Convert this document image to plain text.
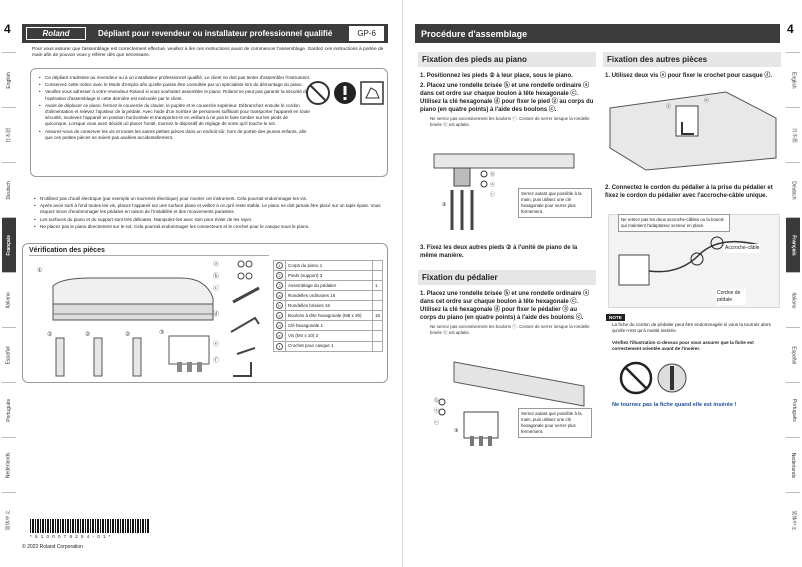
4
English
日本語
Deutsch
Français
Italiano
Español
Português
Nederlands
简体中文
Roland	Dépliant pour revendeur ou installateur professionnel qualifié	GP-6
Pour vous assurer que l'assemblage est correctement effectué, veuillez à lire ces instructions avant de commencer l'assemblage. Gardez ces instructions à portée de main afin de pouvoir vous y référer dès que nécessaire.
• Ce dépliant s'adresse au revendeur ou à un installateur professionnel qualifié. Le client ne doit pas tenter d'assembler l'instrument.
• Conservez cette notice avec le Mode d'emploi afin qu'elle puisse être consultée par un spécialiste lors du démontage du piano.
• Veuillez vous adresser à votre revendeur Roland si vous souhaitez assembler le piano. Roland ne peut pas garantir la sécurité de l'opération d'assemblage si cette dernière est exécutée par le client.
• Avant de déplacer ce piano, fermez le couvercle du clavier, le pupitre et le couvercle supérieur. Débranchez ensuite le cordon d'alimentation et relevez l'ajusteur de la pédale. Avec l'aide d'un nombre de personnes suffisant pour transporter l'appareil en toute sécurité, soulevez l'appareil en position horizontale et transportez-le en veillant à ne pas le faire tomber sur les pieds de quiconque. Lorsque vous avez décidé où placer l'unité, tournez le dispositif de réglage de sorte qu'il touche le sol.
• Assurez-vous de conserver les vis et toutes les autres petites pièces dans un endroit sûr, hors de portée des jeunes enfants, afin que ces petites pièces ne soient pas avalées accidentellement.
• N'utilisez pas d'outil électrique (par exemple un tournevis électrique) pour monter cet instrument. Cela pourrait endommager les vis.
• Après avoir sorti à fond toutes les vis, placez l'appareil sur une surface plane et veillez à ce qu'il reste stable. Le piano ne doit jamais être placé sur un tapis épais. Vous risquez sinon d'endommager les pédales en raison de l'instabilité et des mouvements parasites.
• Les surfaces du piano et du support sont très délicates. Manipulez-les avec soin pour éviter de les rayer.
• Ne placez pas le piano directement sur le sol. Cela pourrait endommager les connecteurs et le crochet pour le casque sous le piano.
Vérification des pièces
①
②	②	②	③
ⓐ
ⓑ
ⓒ
ⓓ
ⓔ
ⓕ
1	Corps du piano 1	
2	Pieds (support) 3	
3	Assemblage du pédalier	1
a	Rondelles ordinaires 16	
b	Rondelles brisées 16	
c	Boulons à tête hexagonale (M8 x 30)	16
d	Clé hexagonale 1	
e	Vis (M4 x 10) 2	
f	Crochet pour casque 1	
* 5 1 0 0 0 7 8 2 5 4 - 0 1 *
© 2023 Roland Corporation
Procédure d'assemblage	4
English
日本語
Deutsch
Français
Italiano
Español
Português
Nederlands
简体中文
Fixation des pieds au piano
1. Positionnez les pieds ② à leur place, sous le piano.
2. Placez une rondelle brisée ⓑ et une rondelle ordinaire ⓐ dans cet ordre sur chaque boulon à tête hexagonale ⓒ. Utilisez la clé hexagonale ⓓ pour fixer le pied ② au corps du piano (en quatre points) à l'aide des boulons ⓒ.
Ne serrez pas excessivement les boulons ⓒ. Cessez de serrer lorsque la rondelle brisée ⓑ est aplatie.
ⓑ
ⓐ
ⓒ
②
Serrez autant que possible à la main, puis utilisez une clé hexagonale pour serrer plus fermement.
3. Fixez les deux autres pieds ② à l'unité de piano de la même manière.
Fixation du pédalier
1. Placez une rondelle brisée ⓑ et une rondelle ordinaire ⓐ dans cet ordre sur chaque boulon à tête hexagonale ⓒ. Utilisez la clé hexagonale ⓓ pour fixer le pédalier ③ au corps du piano (en quatre points) à l'aide des boulons ⓒ.
Ne serrez pas excessivement les boulons ⓒ. Cessez de serrer lorsque la rondelle brisée ⓑ est aplatie.
ⓑ
ⓐ
ⓒ
③
Serrez autant que possible à la main, puis utilisez une clé hexagonale pour serrer plus fermement.
Fixation des autres pièces
1. Utilisez deux vis ⓔ pour fixer le crochet pour casque ⓕ.
ⓕ
ⓔ
2. Connectez le cordon du pédalier à la prise du pédalier et fixez le cordon du pédalier avec l'accroche-câble unique.
Ne retirez pas les deux accroche-câbles ou la boucle qui maintient l'adaptateur secteur en place.
Accroche-câble
Cordon de pédale
NOTE
La fiche du cordon de pédalier peut être endommagée si vous la tournez alors qu'elle n'est qu'à moitié insérée.
Vérifiez l'illustration ci-dessus pour vous assurer que la fiche est correctement orientée avant de l'insérer.
Ne tournez pas la fiche quand elle est insérée !
